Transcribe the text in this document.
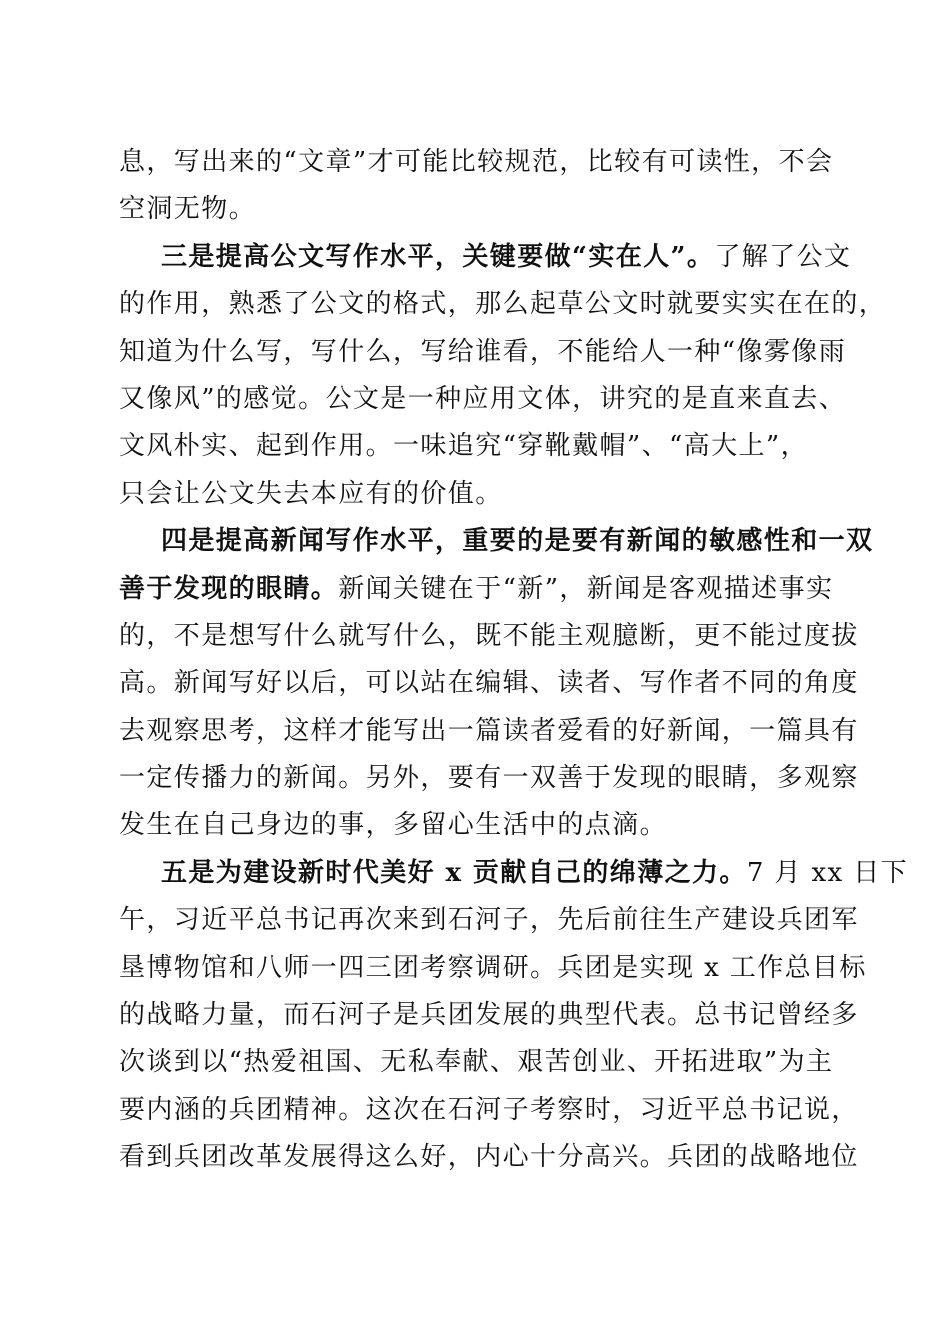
息，写出来的“文章”才可能比较规范，比较有可读性，不会
空洞无物。
三是提高公文写作水平，关键要做“实在人”。了解了公文
的作用，熟悉了公文的格式，那么起草公文时就要实实在在的，
知道为什么写，写什么，写给谁看，不能给人一种“像雾像雨
又像风”的感觉。公文是一种应用文体，讲究的是直来直去、
文风朴实、起到作用。一味追究“穿靴戴帽”、“高大上”，
只会让公文失去本应有的价值。
四是提高新闻写作水平，重要的是要有新闻的敏感性和一双
善于发现的眼睛。新闻关键在于“新”，新闻是客观描述事实
的，不是想写什么就写什么，既不能主观臆断，更不能过度拔
高。新闻写好以后，可以站在编辑、读者、写作者不同的角度
去观察思考，这样才能写出一篇读者爱看的好新闻，一篇具有
一定传播力的新闻。另外，要有一双善于发现的眼睛，多观察
发生在自己身边的事，多留心生活中的点滴。
五是为建设新时代美好 x 贡献自己的绵薄之力。7 月 xx 日下
午，习近平总书记再次来到石河子，先后前往生产建设兵团军
垦博物馆和八师一四三团考察调研。兵团是实现 x 工作总目标
的战略力量，而石河子是兵团发展的典型代表。总书记曾经多
次谈到以“热爱祖国、无私奉献、艰苦创业、开拓进取”为主
要内涵的兵团精神。这次在石河子考察时，习近平总书记说，
看到兵团改革发展得这么好，内心十分高兴。兵团的战略地位
